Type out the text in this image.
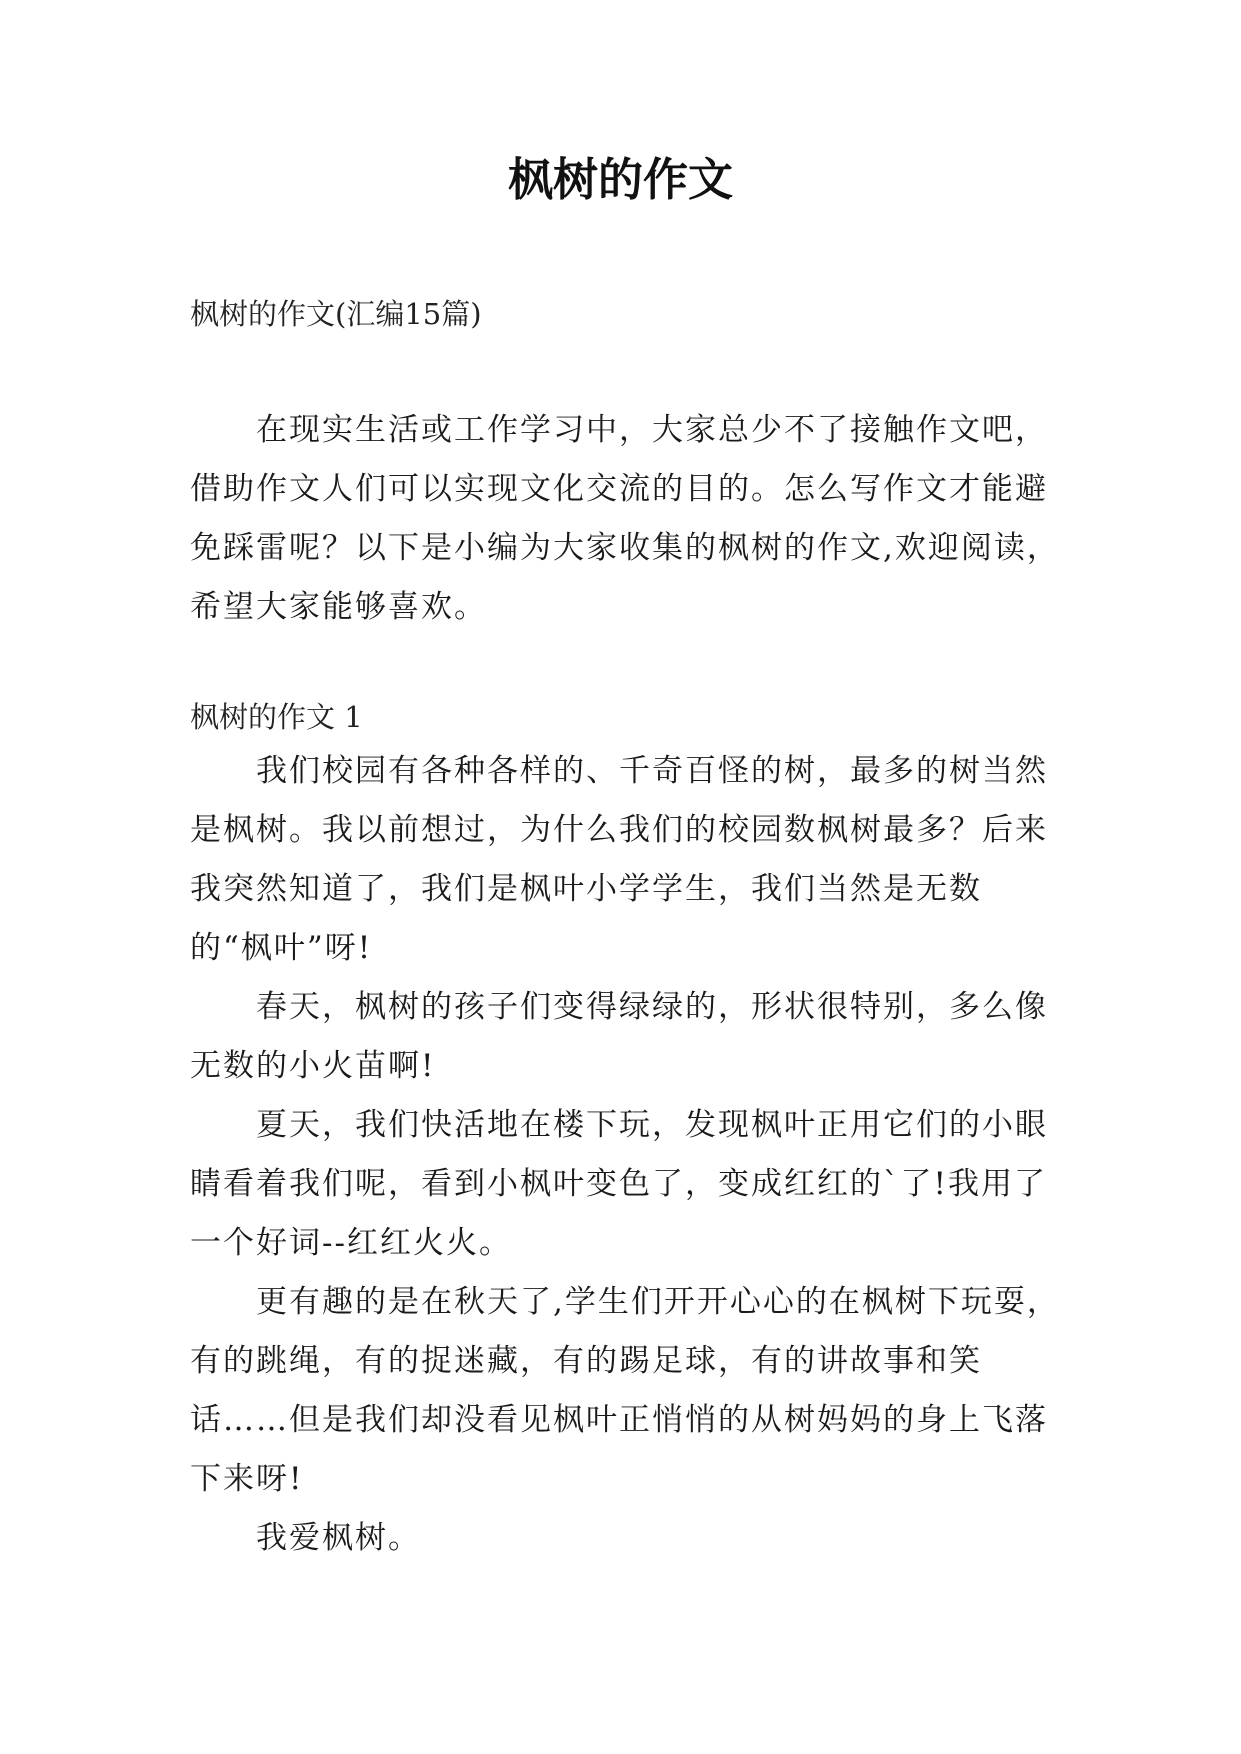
枫树的作文

枫树的作文(汇编15篇)

在现实生活或工作学习中，大家总少不了接触作文吧，借助作文人们可以实现文化交流的目的。怎么写作文才能避免踩雷呢？以下是小编为大家收集的枫树的作文,欢迎阅读，希望大家能够喜欢。

枫树的作文 1

我们校园有各种各样的、千奇百怪的树，最多的树当然是枫树。我以前想过，为什么我们的校园数枫树最多？后来我突然知道了，我们是枫叶小学学生，我们当然是无数的“枫叶”呀!

春天，枫树的孩子们变得绿绿的，形状很特别，多么像无数的小火苗啊!

夏天，我们快活地在楼下玩，发现枫叶正用它们的小眼睛看着我们呢，看到小枫叶变色了，变成红红的`了!我用了一个好词--红红火火。

更有趣的是在秋天了,学生们开开心心的在枫树下玩耍，有的跳绳，有的捉迷藏，有的踢足球，有的讲故事和笑话……但是我们却没看见枫叶正悄悄的从树妈妈的身上飞落下来呀!

我爱枫树。
